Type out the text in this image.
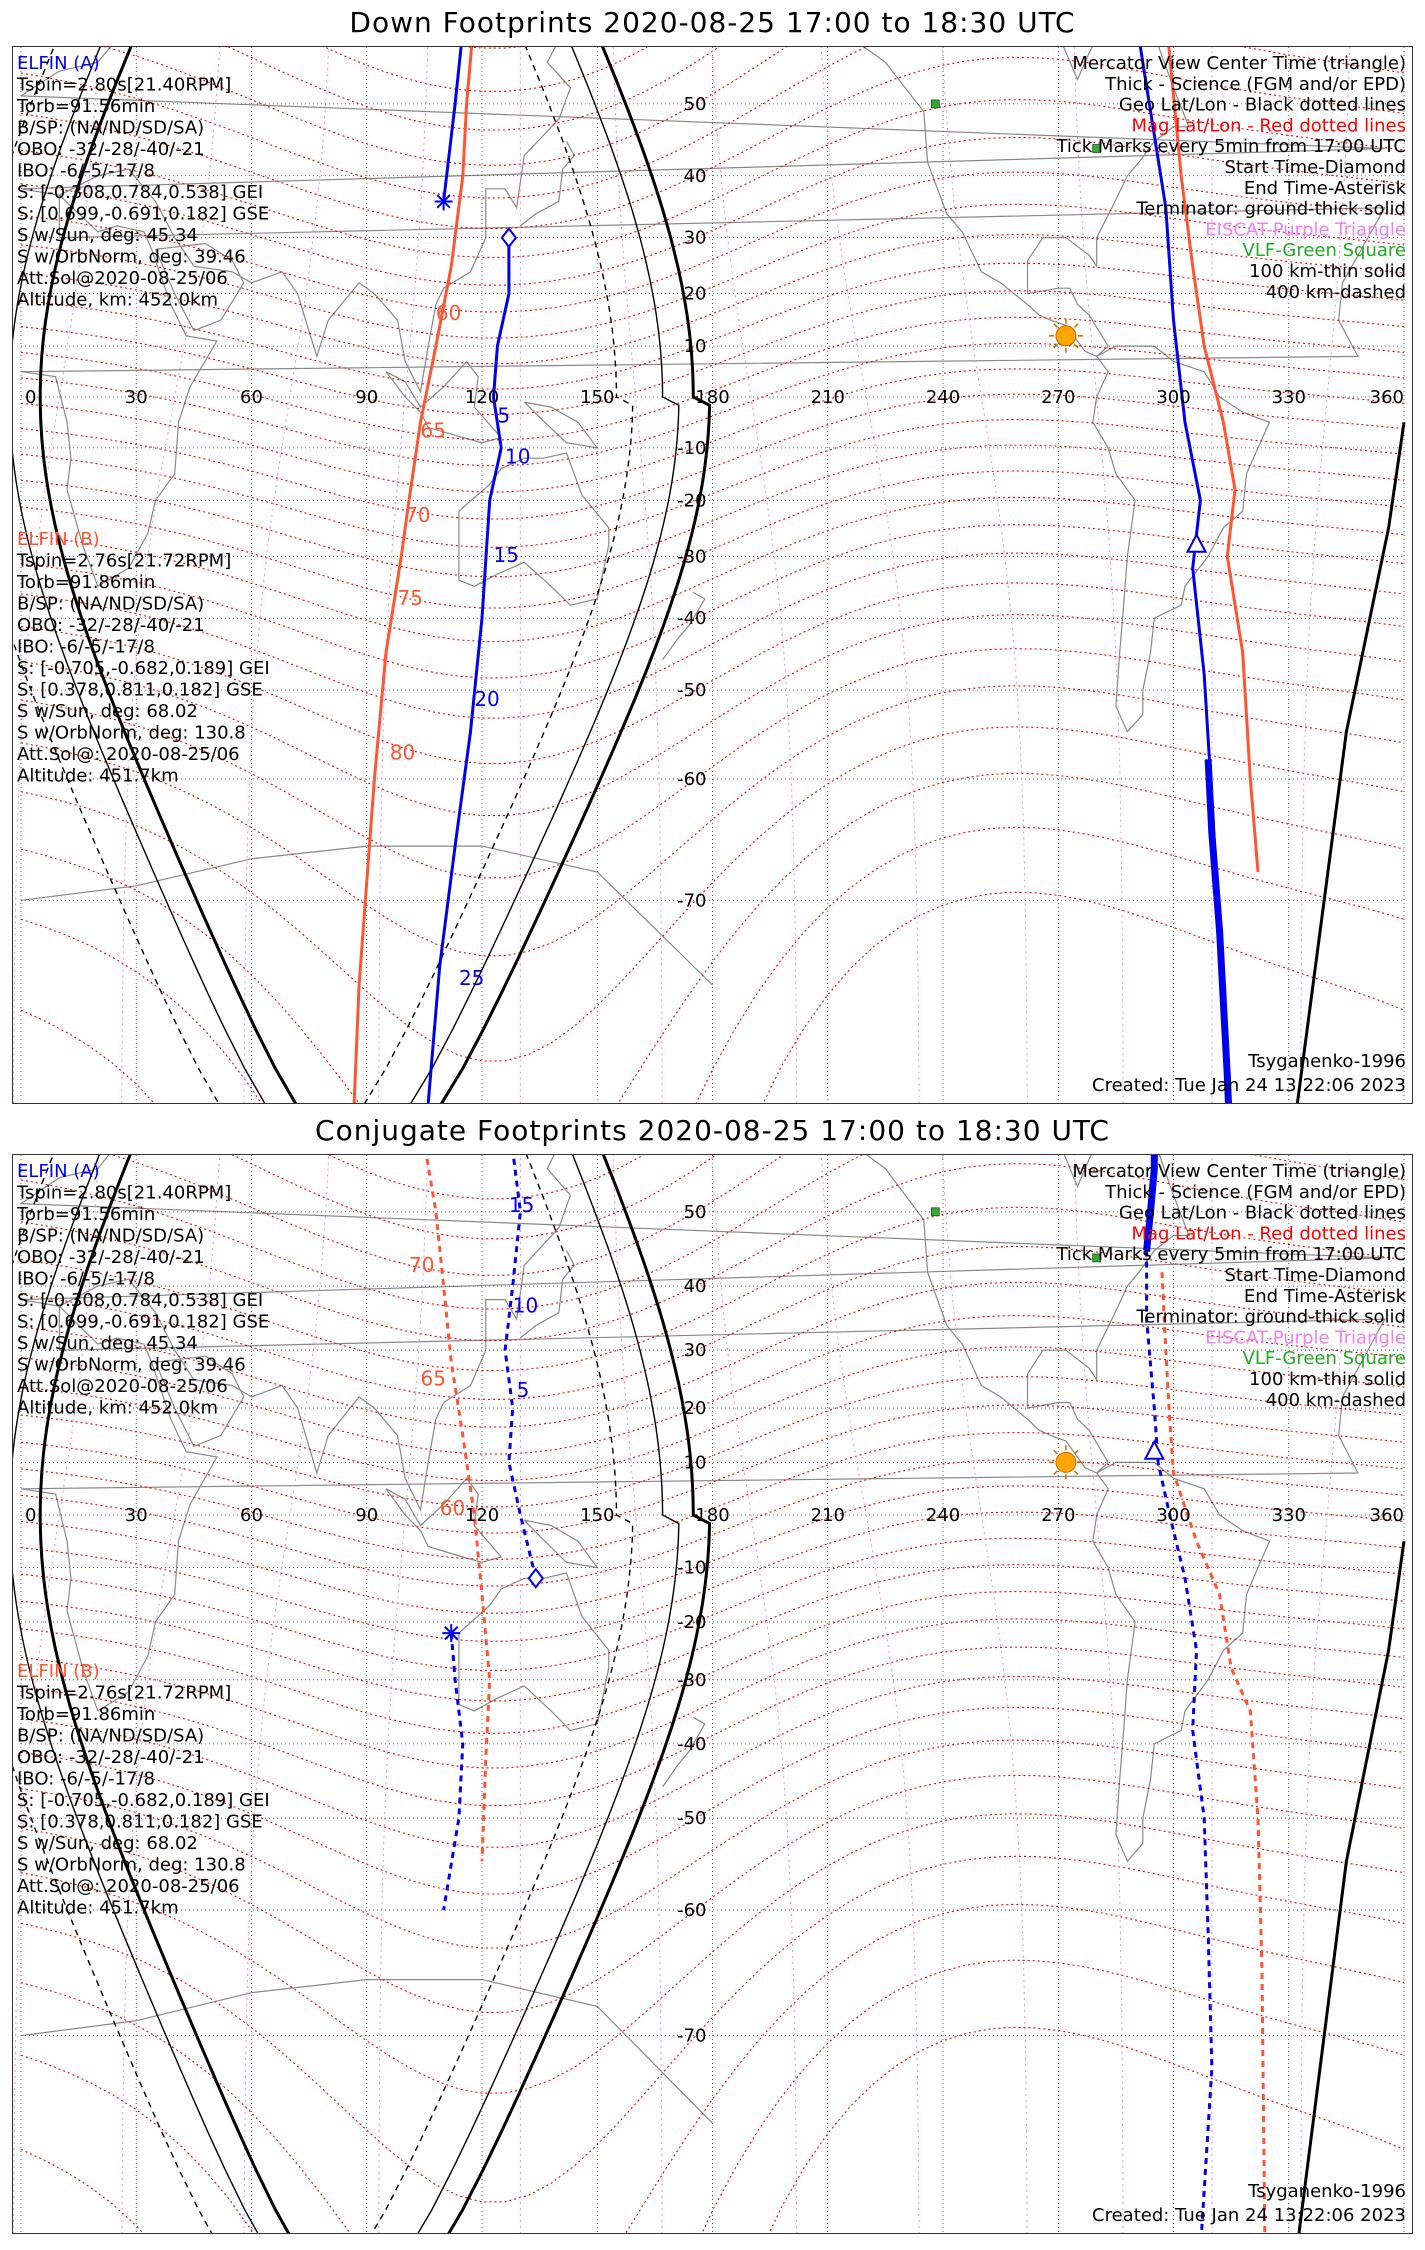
Down Footprints 2020-08-25 17:00 to 18:30 UTC
5
10
15
20
25
60
65
70
75
80
0	30	60	90	120	150	180	210	240	270	300	330	360
50
40
30
20
10
-10
-20
-30
-40
-50
-60
-70
ELFIN (A)
Tspin=2.80s[21.40RPM]
Torb=91.56min
B/SP: (NA/ND/SD/SA)
OBO: -32/-28/-40/-21
IBO: -6/-5/-17/8
S: [-0.308,0.784,0.538] GEI
S: [0.699,-0.691,0.182] GSE
S w/Sun, deg: 45.34
S w/OrbNorm, deg: 39.46
Att.Sol@2020-08-25/06
Altitude, km: 452.0km
ELFIN (B)
Tspin=2.76s[21.72RPM]
Torb=91.86min
B/SP: (NA/ND/SD/SA)
OBO: -32/-28/-40/-21
IBO: -6/-5/-17/8
S: [-0.705,-0.682,0.189] GEI
S: [0.378,0.811,0.182] GSE
S w/Sun, deg: 68.02
S w/OrbNorm, deg: 130.8
Att.Sol@: 2020-08-25/06
Altitude: 451.7km
Mercator View Center Time (triangle)
Thick - Science (FGM and/or EPD)
Geo Lat/Lon - Black dotted lines
Mag Lat/Lon - Red dotted lines
Tick Marks every 5min from 17:00 UTC
Start Time-Diamond
End Time-Asterisk
Terminator: ground-thick solid
EISCAT-Purple Triangle
VLF-Green Square
100 km-thin solid
400 km-dashed
Tsyganenko-1996
Created: Tue Jan 24 13:22:06 2023
Conjugate Footprints 2020-08-25 17:00 to 18:30 UTC
15
10
5
70
65
60
0	30	60	90	120	150	180	210	240	270	300	330	360
50
40
30
20
10
-10
-20
-30
-40
-50
-60
-70
ELFIN (A)
Tspin=2.80s[21.40RPM]
Torb=91.56min
B/SP: (NA/ND/SD/SA)
OBO: -32/-28/-40/-21
IBO: -6/-5/-17/8
S: [-0.308,0.784,0.538] GEI
S: [0.699,-0.691,0.182] GSE
S w/Sun, deg: 45.34
S w/OrbNorm, deg: 39.46
Att.Sol@2020-08-25/06
Altitude, km: 452.0km
ELFIN (B)
Tspin=2.76s[21.72RPM]
Torb=91.86min
B/SP: (NA/ND/SD/SA)
OBO: -32/-28/-40/-21
IBO: -6/-5/-17/8
S: [-0.705,-0.682,0.189] GEI
S: [0.378,0.811,0.182] GSE
S w/Sun, deg: 68.02
S w/OrbNorm, deg: 130.8
Att.Sol@: 2020-08-25/06
Altitude: 451.7km
Mercator View Center Time (triangle)
Thick - Science (FGM and/or EPD)
Geo Lat/Lon - Black dotted lines
Mag Lat/Lon - Red dotted lines
Tick Marks every 5min from 17:00 UTC
Start Time-Diamond
End Time-Asterisk
Terminator: ground-thick solid
EISCAT-Purple Triangle
VLF-Green Square
100 km-thin solid
400 km-dashed
Tsyganenko-1996
Created: Tue Jan 24 13:22:06 2023
